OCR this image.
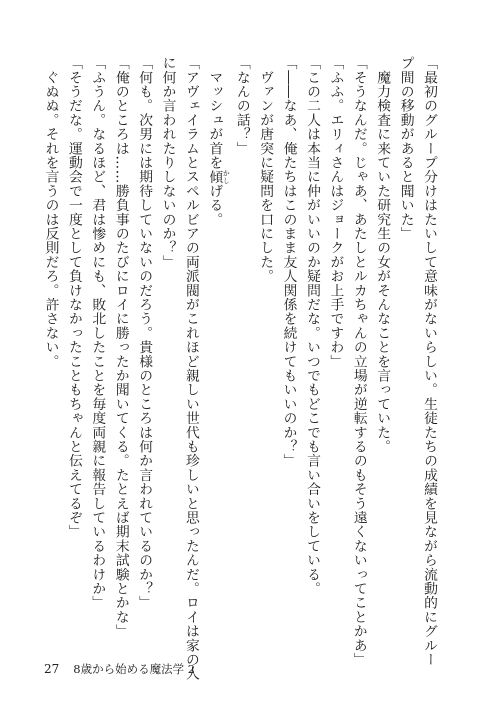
「最初のグループ分けはたいして意味がないらしい。生徒たちの成績を見ながら流動的にグルー
プ間の移動があると聞いた」
　魔力検査に来ていた研究生の女がそんなことを言っていた。
「そうなんだ。じゃあ、あたしとルカちゃんの立場が逆転するのもそう遠くないってことかあ」
「ふふ。エリィさんはジョークがお上手ですわ」
「この二人は本当に仲がいいのか疑問だな。いつでもどこでも言い合いをしている。
「――なあ、俺たちはこのまま友人関係を続けてもいいのか？」
　ヴァンが唐突に疑問を口にした。
「なんの話？」
　マッシュが首を傾 かしげる。
「アヴェイラムとスペルビアの両派閥がこれほど親しい世代も珍しいと思ったんだ。ロイは家の人
に何か言われたりしないのか？」
「何も。次男には期待していないのだろう。貴様のところは何か言われているのか？」
「俺のところは……勝負事のたびにロイに勝ったか聞いてくる。たとえば期末試験とかな」
「ふうん。なるほど、君は惨めにも、敗北したことを毎度両親に報告しているわけか」
「そうだな。運動会で一度として負けなかったこともちゃんと伝えてるぞ」
　ぐぬぬ。それを言うのは反則だろ。許さない。
27 8歳から始める魔法学 2
